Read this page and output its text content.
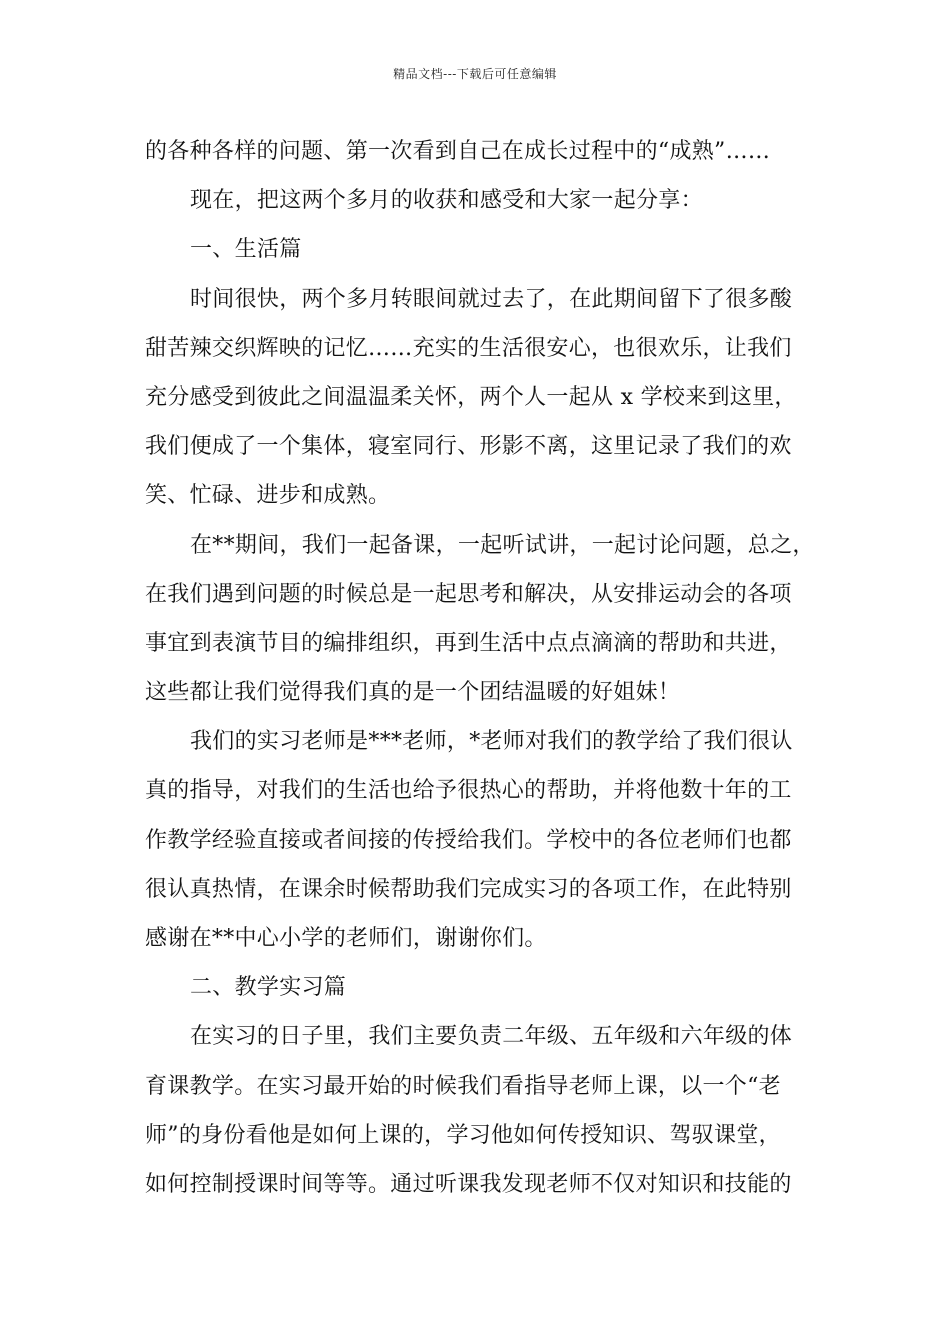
精品文档---下载后可任意编辑
的各种各样的问题、第一次看到自己在成长过程中的“成熟”……
现在，把这两个多月的收获和感受和大家一起分享：
一、生活篇
时间很快，两个多月转眼间就过去了，在此期间留下了很多酸
甜苦辣交织辉映的记忆……充实的生活很安心，也很欢乐，让我们
充分感受到彼此之间温温柔关怀，两个人一起从 x 学校来到这里，
我们便成了一个集体，寝室同行、形影不离，这里记录了我们的欢
笑、忙碌、进步和成熟。
在**期间，我们一起备课，一起听试讲，一起讨论问题，总之，
在我们遇到问题的时候总是一起思考和解决，从安排运动会的各项
事宜到表演节目的编排组织，再到生活中点点滴滴的帮助和共进，
这些都让我们觉得我们真的是一个团结温暖的好姐妹！
我们的实习老师是***老师，*老师对我们的教学给了我们很认
真的指导，对我们的生活也给予很热心的帮助，并将他数十年的工
作教学经验直接或者间接的传授给我们。学校中的各位老师们也都
很认真热情，在课余时候帮助我们完成实习的各项工作，在此特别
感谢在**中心小学的老师们，谢谢你们。
二、教学实习篇
在实习的日子里，我们主要负责二年级、五年级和六年级的体
育课教学。在实习最开始的时候我们看指导老师上课，以一个“老
师”的身份看他是如何上课的，学习他如何传授知识、驾驭课堂，
如何控制授课时间等等。通过听课我发现老师不仅对知识和技能的
